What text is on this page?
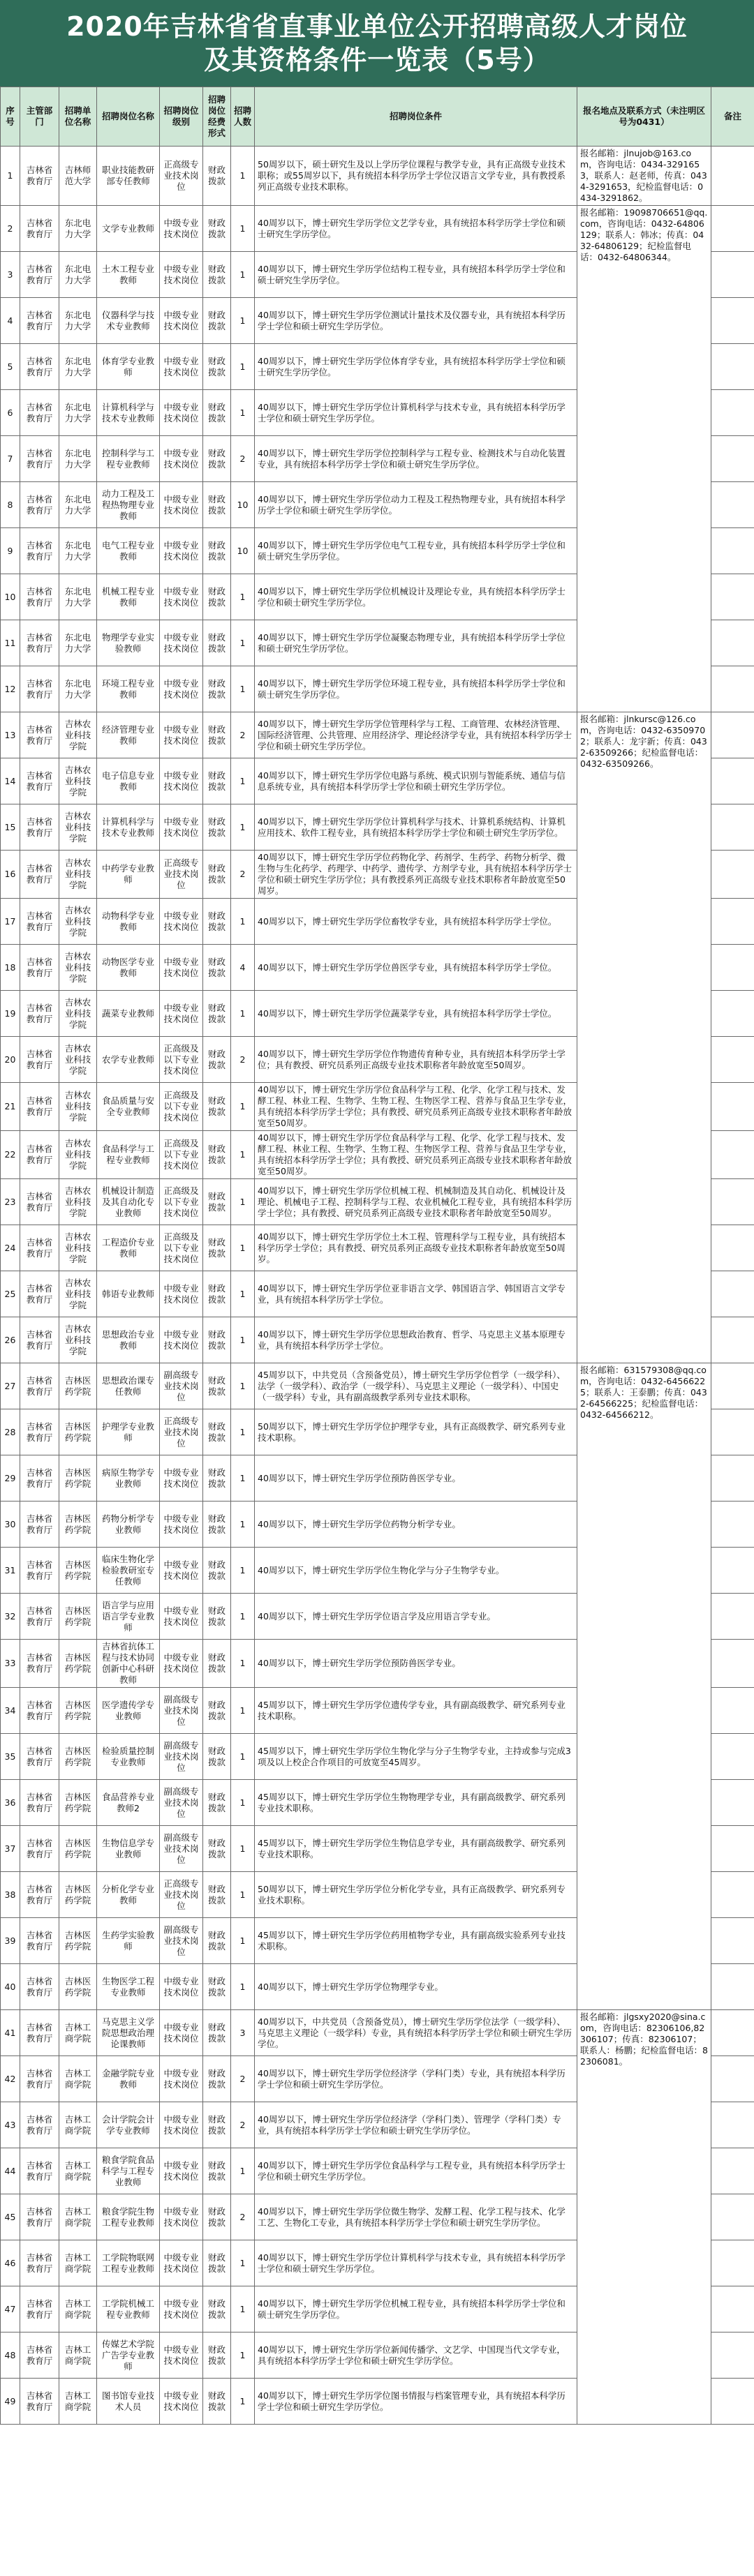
2020年吉林省省直事业单位公开招聘高级人才岗位
及其资格条件一览表（5号）
序号	主管部门	招聘单位名称	招聘岗位名称	招聘岗位级别	招聘岗位经费形式	招聘人数	招聘岗位条件	报名地点及联系方式（未注明区号为0431）	备注
1	吉林省教育厅	吉林师范大学	职业技能教研部专任教师	正高级专业技术岗位	财政拨款	1	50周岁以下，硕士研究生及以上学历学位课程与教学专业，具有正高级专业技术职称；或55周岁以下，具有统招本科学历学士学位汉语言文学专业，具有教授系列正高级专业技术职称。	报名邮箱：jlnujob@163.com，咨询电话：0434-3291653，联系人：赵老师，传真：0434-3291653，纪检监督电话：0434-3291862。	
2	吉林省教育厅	东北电力大学	文学专业教师	中级专业技术岗位	财政拨款	1	40周岁以下，博士研究生学历学位文艺学专业，具有统招本科学历学士学位和硕士研究生学历学位。	报名邮箱：19098706651@qq.com，咨询电话：0432-64806129；联系人：韩冰；传真：0432-64806129；纪检监督电话：0432-64806344。	
3	吉林省教育厅	东北电力大学	土木工程专业教师	中级专业技术岗位	财政拨款	1	40周岁以下，博士研究生学历学位结构工程专业，具有统招本科学历学士学位和硕士研究生学历学位。		
4	吉林省教育厅	东北电力大学	仪器科学与技术专业教师	中级专业技术岗位	财政拨款	1	40周岁以下，博士研究生学历学位测试计量技术及仪器专业，具有统招本科学历学士学位和硕士研究生学历学位。		
5	吉林省教育厅	东北电力大学	体育学专业教师	中级专业技术岗位	财政拨款	1	40周岁以下，博士研究生学历学位体育学专业，具有统招本科学历学士学位和硕士研究生学历学位。		
6	吉林省教育厅	东北电力大学	计算机科学与技术专业教师	中级专业技术岗位	财政拨款	1	40周岁以下，博士研究生学历学位计算机科学与技术专业，具有统招本科学历学士学位和硕士研究生学历学位。		
7	吉林省教育厅	东北电力大学	控制科学与工程专业教师	中级专业技术岗位	财政拨款	2	40周岁以下，博士研究生学历学位控制科学与工程专业、检测技术与自动化装置专业，具有统招本科学历学士学位和硕士研究生学历学位。		
8	吉林省教育厅	东北电力大学	动力工程及工程热物理专业教师	中级专业技术岗位	财政拨款	10	40周岁以下，博士研究生学历学位动力工程及工程热物理专业，具有统招本科学历学士学位和硕士研究生学历学位。		
9	吉林省教育厅	东北电力大学	电气工程专业教师	中级专业技术岗位	财政拨款	10	40周岁以下，博士研究生学历学位电气工程专业，具有统招本科学历学士学位和硕士研究生学历学位。		
10	吉林省教育厅	东北电力大学	机械工程专业教师	中级专业技术岗位	财政拨款	1	40周岁以下，博士研究生学历学位机械设计及理论专业，具有统招本科学历学士学位和硕士研究生学历学位。		
11	吉林省教育厅	东北电力大学	物理学专业实验教师	中级专业技术岗位	财政拨款	1	40周岁以下，博士研究生学历学位凝聚态物理专业，具有统招本科学历学士学位和硕士研究生学历学位。		
12	吉林省教育厅	东北电力大学	环境工程专业教师	中级专业技术岗位	财政拨款	1	40周岁以下，博士研究生学历学位环境工程专业，具有统招本科学历学士学位和硕士研究生学历学位。		
13	吉林省教育厅	吉林农业科技学院	经济管理专业教师	中级专业技术岗位	财政拨款	2	40周岁以下，博士研究生学历学位管理科学与工程、工商管理、农林经济管理、国际经济管理、公共管理、应用经济学、理论经济学专业，具有统招本科学历学士学位和硕士研究生学历学位。	报名邮箱：jlnkursc@126.com，咨询电话：0432-63509702；联系人：龙宇新；传真：0432-63509266；纪检监督电话：0432-63509266。	
14	吉林省教育厅	吉林农业科技学院	电子信息专业教师	中级专业技术岗位	财政拨款	1	40周岁以下，博士研究生学历学位电路与系统、模式识别与智能系统、通信与信息系统专业，具有统招本科学历学士学位和硕士研究生学历学位。		
15	吉林省教育厅	吉林农业科技学院	计算机科学与技术专业教师	中级专业技术岗位	财政拨款	1	40周岁以下，博士研究生学历学位计算机科学与技术、计算机系统结构、计算机应用技术、软件工程专业，具有统招本科学历学士学位和硕士研究生学历学位。		
16	吉林省教育厅	吉林农业科技学院	中药学专业教师	正高级专业技术岗位	财政拨款	2	40周岁以下，博士研究生学历学位药物化学、药剂学、生药学、药物分析学、微生物与生化药学、药理学、中药学、遗传学、方剂学专业，具有统招本科学历学士学位和硕士研究生学历学位；具有教授系列正高级专业技术职称者年龄放宽至50周岁。		
17	吉林省教育厅	吉林农业科技学院	动物科学专业教师	中级专业技术岗位	财政拨款	1	40周岁以下，博士研究生学历学位畜牧学专业，具有统招本科学历学士学位。		
18	吉林省教育厅	吉林农业科技学院	动物医学专业教师	中级专业技术岗位	财政拨款	4	40周岁以下，博士研究生学历学位兽医学专业，具有统招本科学历学士学位。		
19	吉林省教育厅	吉林农业科技学院	蔬菜专业教师	中级专业技术岗位	财政拨款	1	40周岁以下，博士研究生学历学位蔬菜学专业，具有统招本科学历学士学位。		
20	吉林省教育厅	吉林农业科技学院	农学专业教师	正高级及以下专业技术岗位	财政拨款	2	40周岁以下，博士研究生学历学位作物遗传育种专业，具有统招本科学历学士学位；具有教授、研究员系列正高级专业技术职称者年龄放宽至50周岁。		
21	吉林省教育厅	吉林农业科技学院	食品质量与安全专业教师	正高级及以下专业技术岗位	财政拨款	1	40周岁以下，博士研究生学历学位食品科学与工程、化学、化学工程与技术、发酵工程、林业工程、生物学、生物工程、生物医学工程、营养与食品卫生学专业，具有统招本科学历学士学位；具有教授、研究员系列正高级专业技术职称者年龄放宽至50周岁。		
22	吉林省教育厅	吉林农业科技学院	食品科学与工程专业教师	正高级及以下专业技术岗位	财政拨款	1	40周岁以下，博士研究生学历学位食品科学与工程、化学、化学工程与技术、发酵工程、林业工程、生物学、生物工程、生物医学工程、营养与食品卫生学专业，具有统招本科学历学士学位；具有教授、研究员系列正高级专业技术职称者年龄放宽至50周岁。		
23	吉林省教育厅	吉林农业科技学院	机械设计制造及其自动化专业教师	正高级及以下专业技术岗位	财政拨款	1	40周岁以下，博士研究生学历学位机械工程、机械制造及其自动化、机械设计及理论、机械电子工程、控制科学与工程、农业机械化工程专业，具有统招本科学历学士学位；具有教授、研究员系列正高级专业技术职称者年龄放宽至50周岁。		
24	吉林省教育厅	吉林农业科技学院	工程造价专业教师	正高级及以下专业技术岗位	财政拨款	1	40周岁以下，博士研究生学历学位土木工程、管理科学与工程专业，具有统招本科学历学士学位；具有教授、研究员系列正高级专业技术职称者年龄放宽至50周岁。		
25	吉林省教育厅	吉林农业科技学院	韩语专业教师	中级专业技术岗位	财政拨款	1	40周岁以下，博士研究生学历学位亚非语言文学、韩国语言学、韩国语言文学专业，具有统招本科学历学士学位。		
26	吉林省教育厅	吉林农业科技学院	思想政治专业教师	中级专业技术岗位	财政拨款	1	40周岁以下，博士研究生学历学位思想政治教育、哲学、马克思主义基本原理专业，具有统招本科学历学士学位。		
27	吉林省教育厅	吉林医药学院	思想政治课专任教师	副高级专业技术岗位	财政拨款	1	45周岁以下，中共党员（含预备党员），博士研究生学历学位哲学（一级学科）、法学（一级学科）、政治学（一级学科）、马克思主义理论（一级学科）、中国史（一级学科）专业，具有副高级教学系列专业技术职称。	报名邮箱：631579308@qq.com，咨询电话：0432-64566225；联系人：王泰鹏；传真：0432-64566225；纪检监督电话：0432-64566212。	
28	吉林省教育厅	吉林医药学院	护理学专业教师	正高级专业技术岗位	财政拨款	1	50周岁以下，博士研究生学历学位护理学专业，具有正高级教学、研究系列专业技术职称。		
29	吉林省教育厅	吉林医药学院	病原生物学专业教师	中级专业技术岗位	财政拨款	1	40周岁以下，博士研究生学历学位预防兽医学专业。		
30	吉林省教育厅	吉林医药学院	药物分析学专业教师	中级专业技术岗位	财政拨款	1	40周岁以下，博士研究生学历学位药物分析学专业。		
31	吉林省教育厅	吉林医药学院	临床生物化学检验教研室专任教师	中级专业技术岗位	财政拨款	1	40周岁以下，博士研究生学历学位生物化学与分子生物学专业。		
32	吉林省教育厅	吉林医药学院	语言学与应用语言学专业教师	中级专业技术岗位	财政拨款	1	40周岁以下，博士研究生学历学位语言学及应用语言学专业。		
33	吉林省教育厅	吉林医药学院	吉林省抗体工程与技术协同创新中心科研教师	中级专业技术岗位	财政拨款	1	40周岁以下，博士研究生学历学位预防兽医学专业。		
34	吉林省教育厅	吉林医药学院	医学遗传学专业教师	副高级专业技术岗位	财政拨款	1	45周岁以下，博士研究生学历学位遗传学专业，具有副高级教学、研究系列专业技术职称。		
35	吉林省教育厅	吉林医药学院	检验质量控制专业教师	副高级专业技术岗位	财政拨款	1	45周岁以下，博士研究生学历学位生物化学与分子生物学专业，主持或参与完成3项及以上校企合作项目的可放宽至45周岁。		
36	吉林省教育厅	吉林医药学院	食品营养专业教师2	副高级专业技术岗位	财政拨款	1	45周岁以下，博士研究生学历学位生物物理学专业，具有副高级教学、研究系列专业技术职称。		
37	吉林省教育厅	吉林医药学院	生物信息学专业教师	副高级专业技术岗位	财政拨款	1	45周岁以下，博士研究生学历学位生物信息学专业，具有副高级教学、研究系列专业技术职称。		
38	吉林省教育厅	吉林医药学院	分析化学专业教师	正高级专业技术岗位	财政拨款	1	50周岁以下，博士研究生学历学位分析化学专业，具有正高级教学、研究系列专业技术职称。		
39	吉林省教育厅	吉林医药学院	生药学实验教师	副高级专业技术岗位	财政拨款	1	45周岁以下，博士研究生学历学位药用植物学专业，具有副高级实验系列专业技术职称。		
40	吉林省教育厅	吉林医药学院	生物医学工程专业教师	中级专业技术岗位	财政拨款	1	40周岁以下，博士研究生学历学位物理学专业。		
41	吉林省教育厅	吉林工商学院	马克思主义学院思想政治理论课教师	中级专业技术岗位	财政拨款	3	40周岁以下，中共党员（含预备党员），博士研究生学历学位法学（一级学科）、马克思主义理论（一级学科）专业，具有统招本科学历学士学位和硕士研究生学历学位。	报名邮箱：jlgsxy2020@sina.com，咨询电话：82306106,82306107；传真：82306107；联系人：杨鹏；纪检监督电话：82306081。	
42	吉林省教育厅	吉林工商学院	金融学院专业教师	中级专业技术岗位	财政拨款	2	40周岁以下，博士研究生学历学位经济学（学科门类）专业，具有统招本科学历学士学位和硕士研究生学历学位。		
43	吉林省教育厅	吉林工商学院	会计学院会计学专业教师	中级专业技术岗位	财政拨款	2	40周岁以下，博士研究生学历学位经济学（学科门类）、管理学（学科门类）专业，具有统招本科学历学士学位和硕士研究生学历学位。		
44	吉林省教育厅	吉林工商学院	粮食学院食品科学与工程专业教师	中级专业技术岗位	财政拨款	1	40周岁以下，博士研究生学历学位食品科学与工程专业，具有统招本科学历学士学位和硕士研究生学历学位。		
45	吉林省教育厅	吉林工商学院	粮食学院生物工程专业教师	中级专业技术岗位	财政拨款	2	40周岁以下，博士研究生学历学位微生物学、发酵工程、化学工程与技术、化学工艺、生物化工专业，具有统招本科学历学士学位和硕士研究生学历学位。		
46	吉林省教育厅	吉林工商学院	工学院物联网工程专业教师	中级专业技术岗位	财政拨款	1	40周岁以下，博士研究生学历学位计算机科学与技术专业，具有统招本科学历学士学位和硕士研究生学历学位。		
47	吉林省教育厅	吉林工商学院	工学院机械工程专业教师	中级专业技术岗位	财政拨款	1	40周岁以下，博士研究生学历学位机械工程专业，具有统招本科学历学士学位和硕士研究生学历学位。		
48	吉林省教育厅	吉林工商学院	传媒艺术学院广告学专业教师	中级专业技术岗位	财政拨款	1	40周岁以下，博士研究生学历学位新闻传播学、文艺学、中国现当代文学专业，具有统招本科学历学士学位和硕士研究生学历学位。		
49	吉林省教育厅	吉林工商学院	图书馆专业技术人员	中级专业技术岗位	财政拨款	1	40周岁以下，博士研究生学历学位图书情报与档案管理专业，具有统招本科学历学士学位和硕士研究生学历学位。		
